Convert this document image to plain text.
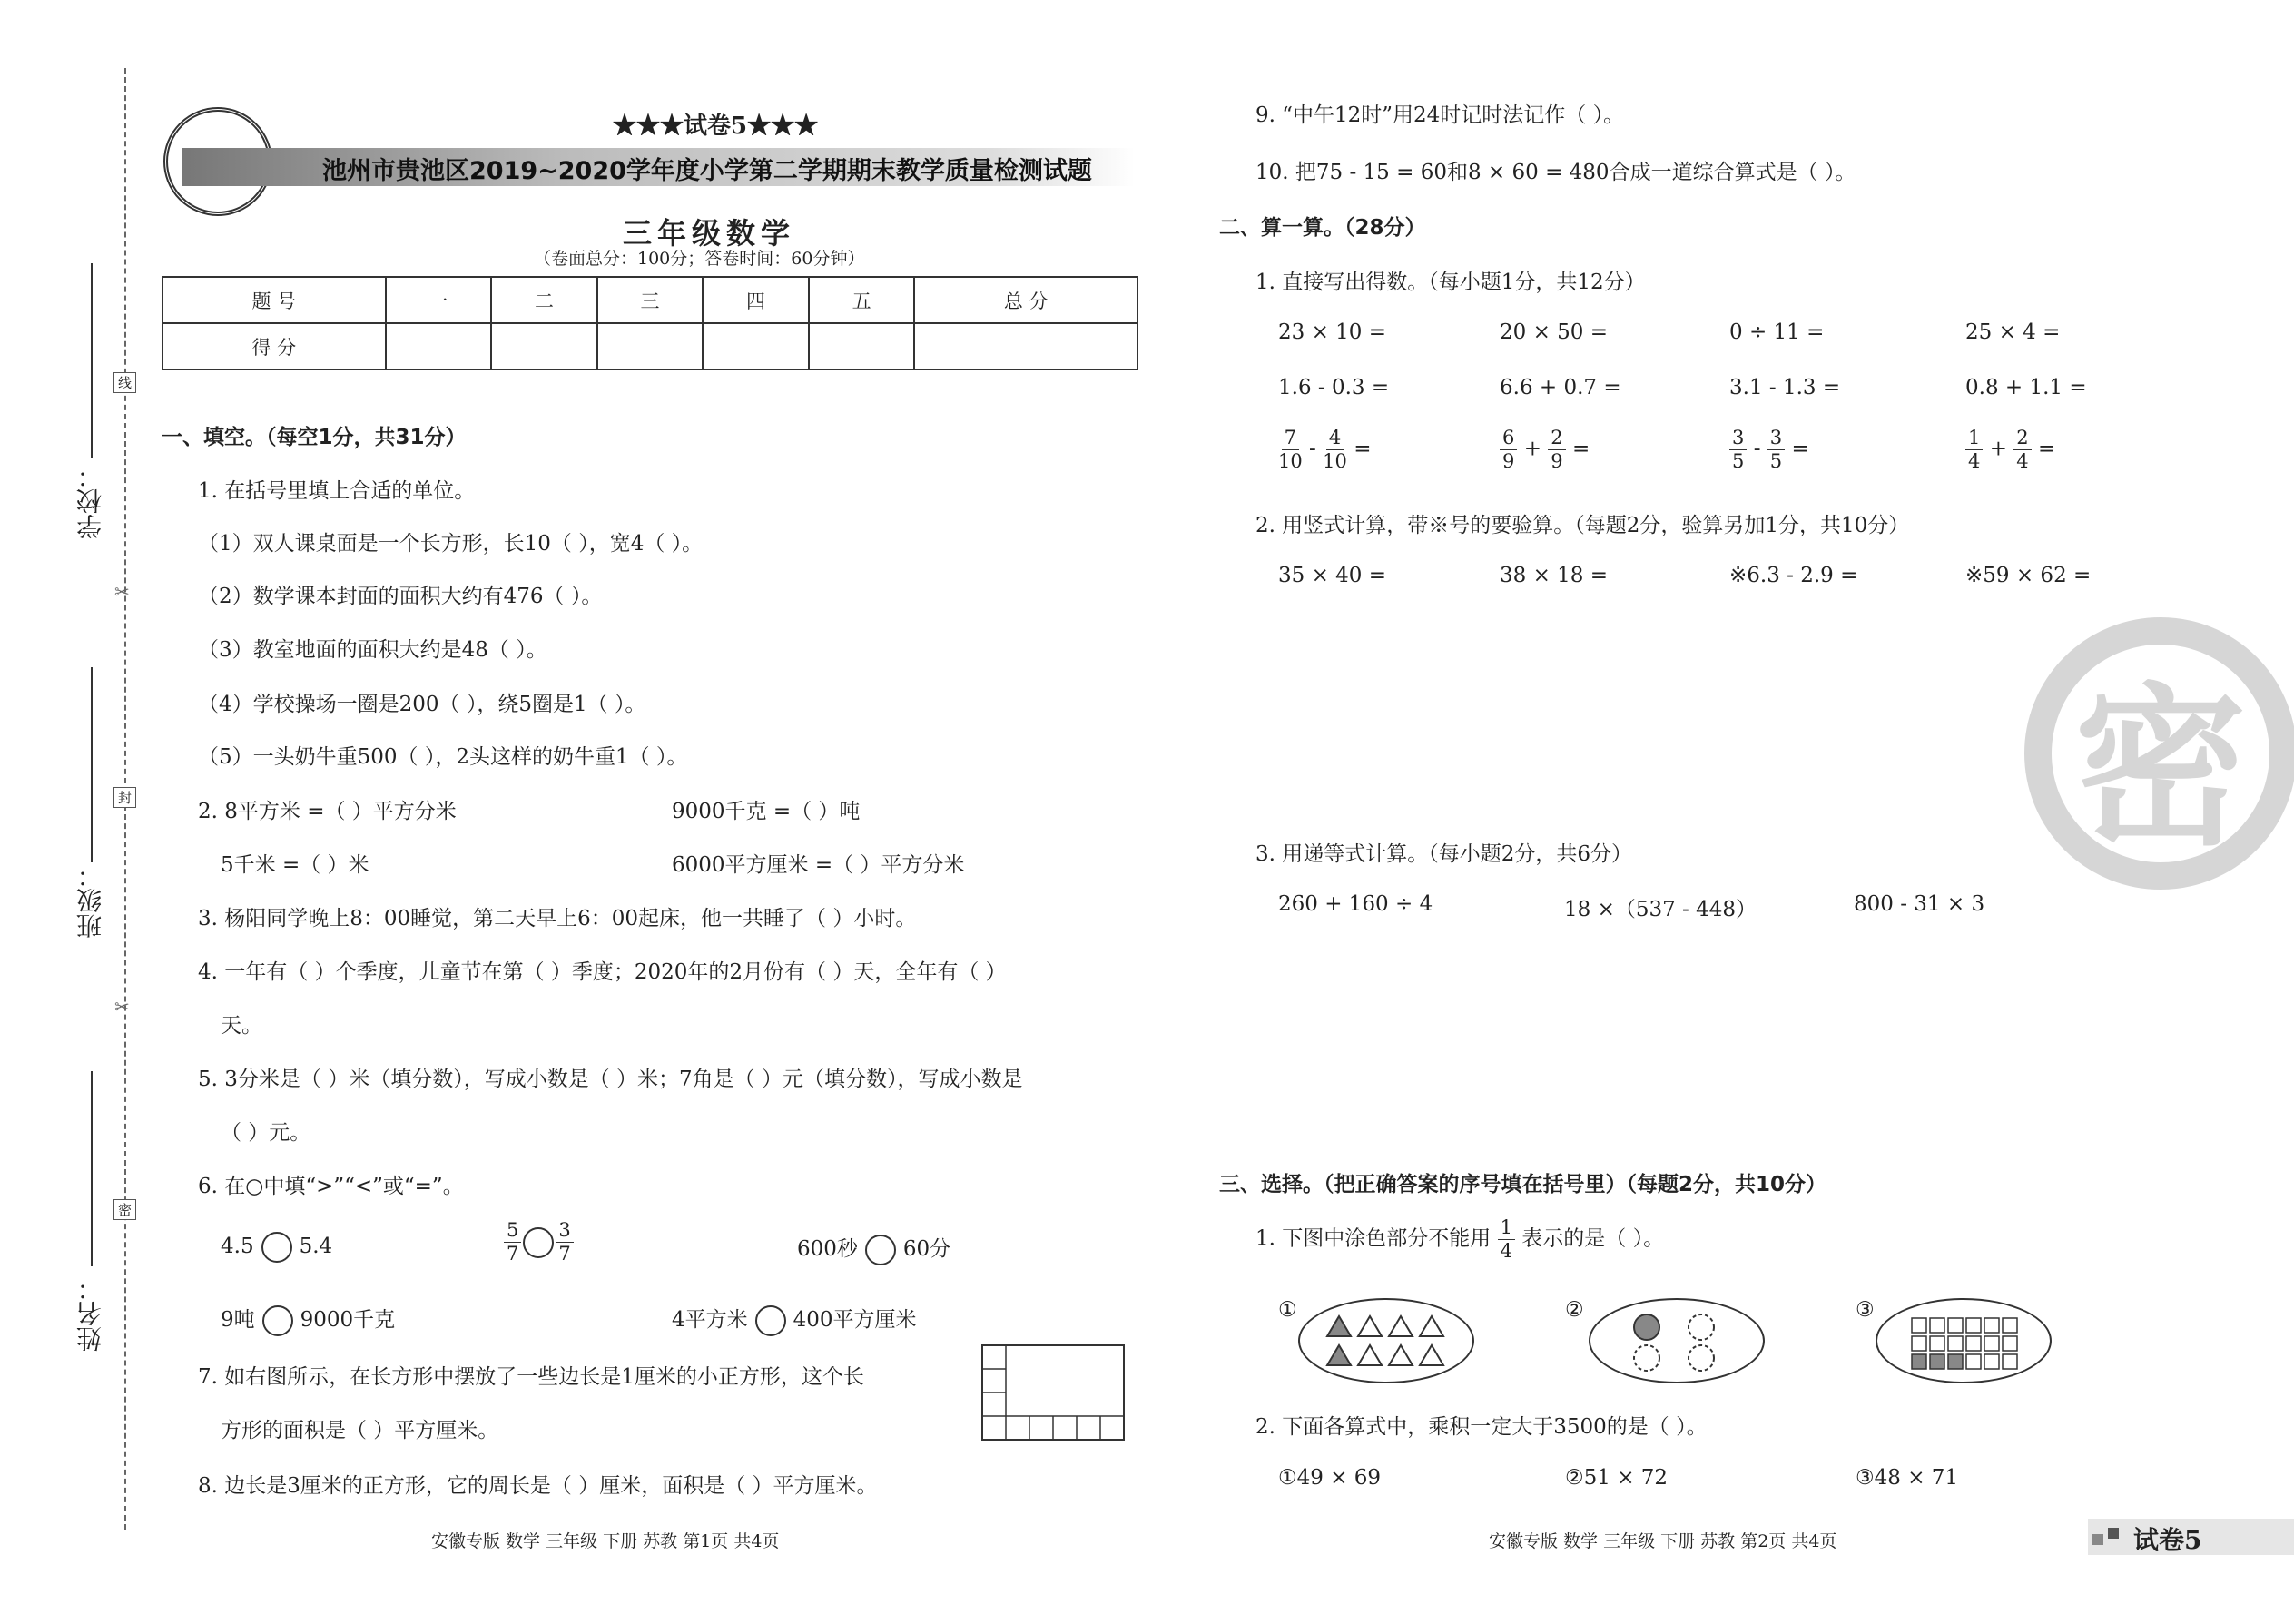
线
封
密
✂
✂
学校：
班级：
姓名：
★★★试卷5★★★
池州市贵池区2019~2020学年度小学第二学期期末教学质量检测试题
三年级数学
（卷面总分：100分；答卷时间：60分钟）
题 号	一	二	三	四	五	总 分
得 分						
一、填空。（每空1分，共31分）
1. 在括号里填上合适的单位。
（1）双人课桌面是一个长方形，长10（ ），宽4（ ）。
（2）数学课本封面的面积大约有476（ ）。
（3）教室地面的面积大约是48（ ）。
（4）学校操场一圈是200（ ），绕5圈是1（ ）。
（5）一头奶牛重500（ ），2头这样的奶牛重1（ ）。
2. 8平方米 =（ ）平方分米	9000千克 =（ ）吨
5千米 =（ ）米	6000平方厘米 =（ ）平方分米
3. 杨阳同学晚上8：00睡觉，第二天早上6：00起床，他一共睡了（ ）小时。
4. 一年有（ ）个季度，儿童节在第（ ）季度；2020年的2月份有（ ）天，全年有（ ）
天。
5. 3分米是（ ）米（填分数），写成小数是（ ）米；7角是（ ）元（填分数），写成小数是
（ ）元。
6. 在○中填“>”“<”或“=”。
4.5 5.4	$\frac{5}{7} \frac{3}{7}$	600秒 60分
9吨 9000千克	4平方米 400平方厘米
7. 如右图所示，在长方形中摆放了一些边长是1厘米的小正方形，这个长
方形的面积是（ ）平方厘米。
8. 边长是3厘米的正方形，它的周长是（ ）厘米，面积是（ ）平方厘米。
安徽专版 数学 三年级 下册 苏教 第1页 共4页
9. “中午12时”用24时记时法记作（ ）。
10. 把75 - 15 = 60和8 × 60 = 480合成一道综合算式是（ ）。
二、算一算。（28分）
1. 直接写出得数。（每小题1分，共12分）
23 × 10 =	20 × 50 =	0 ÷ 11 =	25 × 4 =
1.6 - 0.3 =	6.6 + 0.7 =	3.1 - 1.3 =	0.8 + 1.1 =
$\frac{7}{10} - \frac{4}{10}$ =	$\frac{6}{9} + \frac{2}{9}$ =	$\frac{3}{5} - \frac{3}{5}$ =	$\frac{1}{4} + \frac{2}{4}$ =
2. 用竖式计算，带※号的要验算。（每题2分，验算另加1分，共10分）
35 × 40 =	38 × 18 =	※6.3 - 2.9 =	※59 × 62 =
3. 用递等式计算。（每小题2分，共6分）
260 + 160 ÷ 4	18 ×（537 - 448）	800 - 31 × 3
密
三、选择。（把正确答案的序号填在括号里）（每题2分，共10分）
1. 下图中涂色部分不能用 $\frac{1}{4}$ 表示的是（ ）。
①	②	③
2. 下面各算式中，乘积一定大于3500的是（ ）。
①49 × 69	②51 × 72	③48 × 71
安徽专版 数学 三年级 下册 苏教 第2页 共4页	试卷5
